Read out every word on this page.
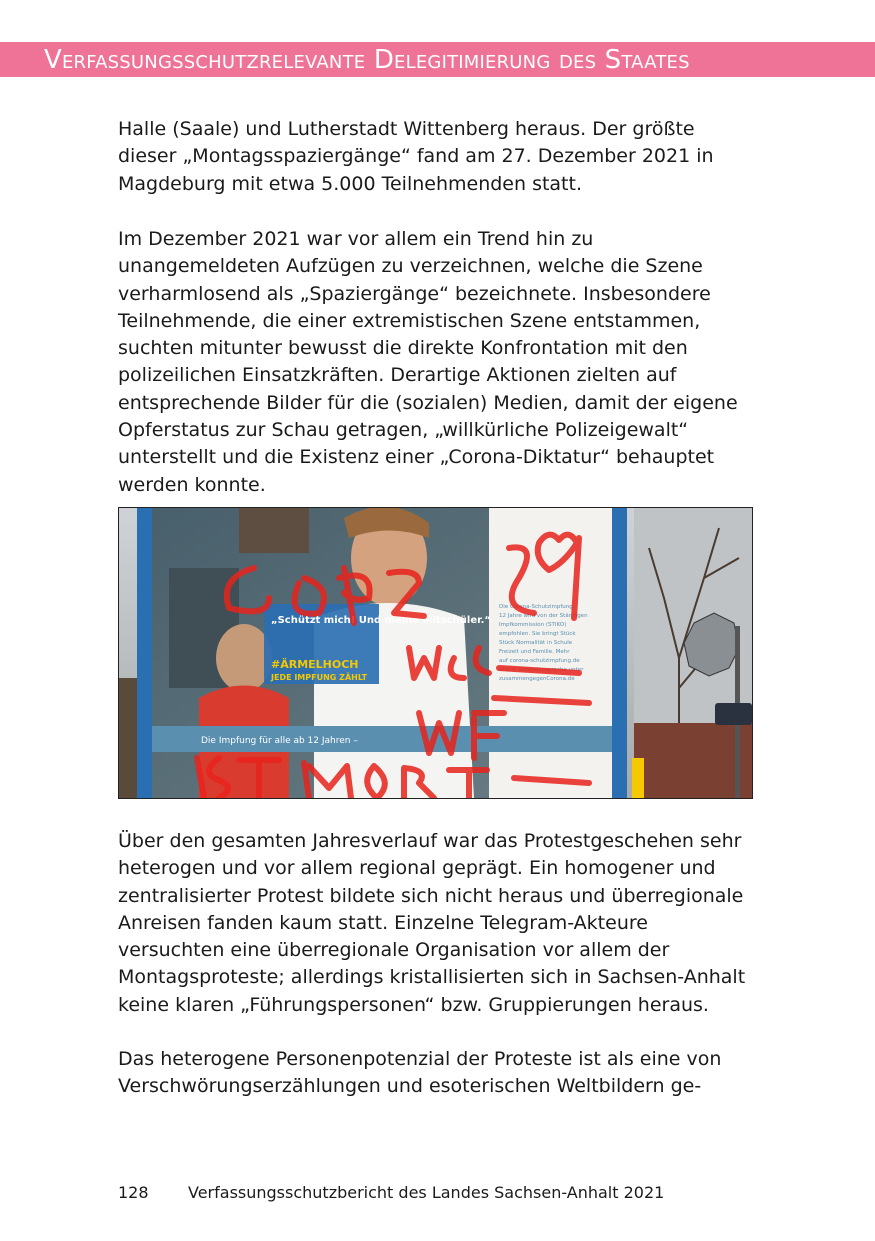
Verfassungsschutzrelevante Delegitimierung des Staates

Halle (Saale) und Lutherstadt Wittenberg heraus. Der größte dieser „Montagsspaziergänge“ fand am 27. Dezember 2021 in Magdeburg mit etwa 5.000 Teilnehmenden statt.

Im Dezember 2021 war vor allem ein Trend hin zu unangemeldeten Aufzügen zu verzeichnen, welche die Szene verharmlosend als „Spaziergänge“ bezeichnete. Insbesondere Teilnehmende, die einer extremistischen Szene entstammen, suchten mitunter bewusst die direkte Konfrontation mit den polizeilichen Einsatzkräften. Derartige Aktionen zielten auf entsprechende Bilder für die (sozialen) Medien, damit der eigene Opferstatus zur Schau getragen, „willkürliche Polizeigewalt“ unterstellt und die Existenz einer „Corona-Diktatur“ behauptet werden konnte.

„Schützt mich! Und meine Mitschüler.“
#ÄRMELHOCH
JEDE IMPFUNG ZÄHLT
Die Impfung für alle ab 12 Jahren –
Die Corona-Schutzimpfung
12 Jahre wird von der Ständigen
Impfkommission (STIKO)
empfohlen. Sie bringt Stück
Stück Normalität in Schule
Freizeit und Familie. Mehr
auf corona-schutzimpfung.de
und in Gebärdensprache unter
zusammengegenCorona.de

Über den gesamten Jahresverlauf war das Protestgeschehen sehr heterogen und vor allem regional geprägt. Ein homogener und zentralisierter Protest bildete sich nicht heraus und überregionale Anreisen fanden kaum statt. Einzelne Telegram-Akteure versuchten eine überregionale Organisation vor allem der Montagsproteste; allerdings kristallisierten sich in Sachsen-Anhalt keine klaren „Führungspersonen“ bzw. Gruppierungen heraus.

Das heterogene Personenpotenzial der Proteste ist als eine von Verschwörungserzählungen und esoterischen Weltbildern ge-

128 Verfassungsschutzbericht des Landes Sachsen-Anhalt 2021
